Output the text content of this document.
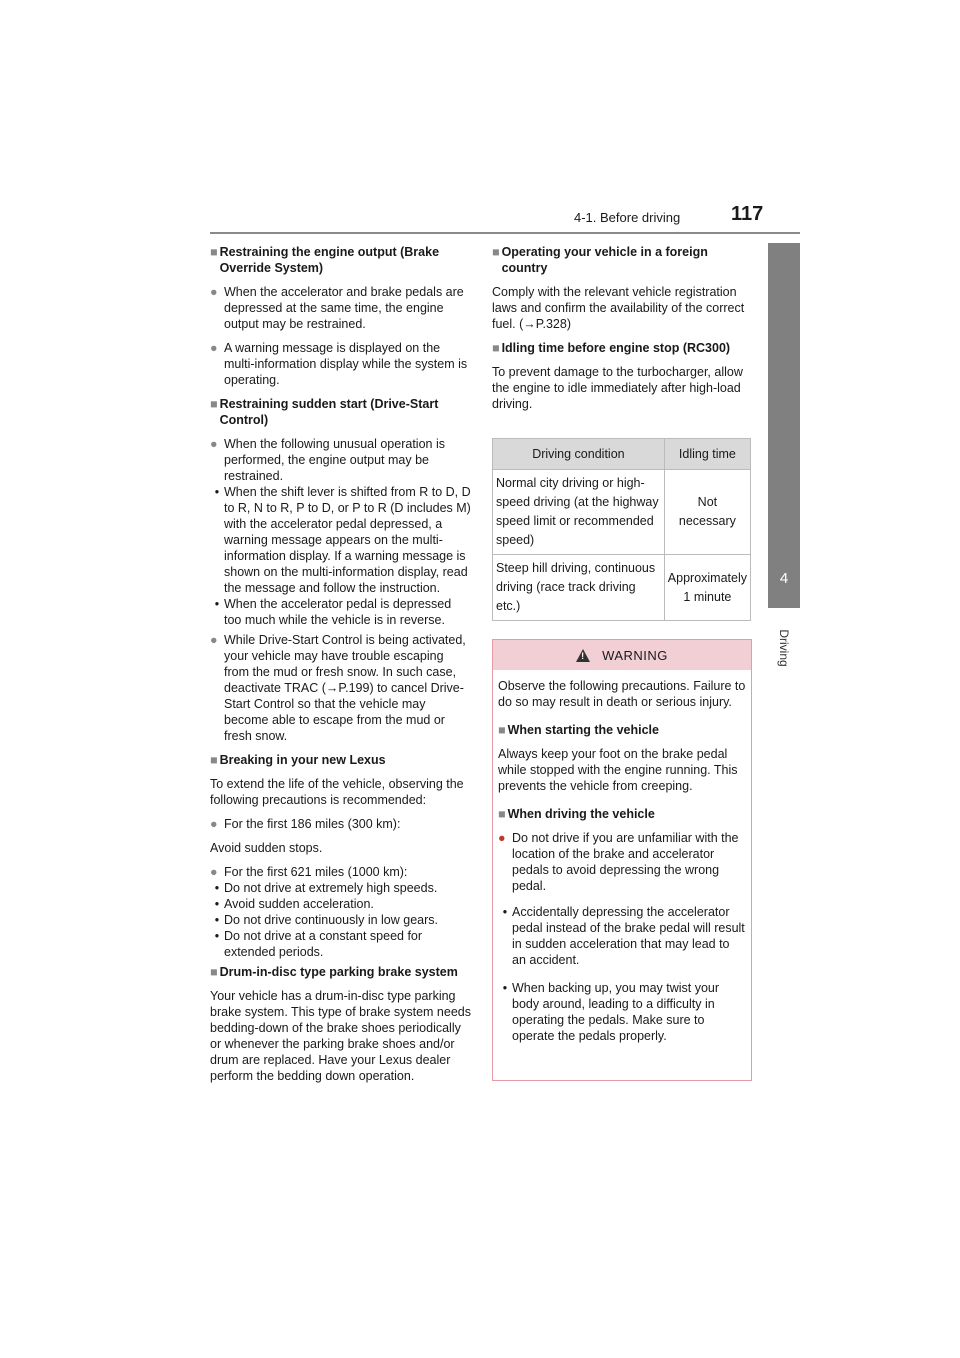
4-1. Before driving	117
4
Driving
■ Restraining the engine output (Brake Override System)
● When the accelerator and brake pedals are depressed at the same time, the engine output may be restrained.
● A warning message is displayed on the multi-information display while the system is operating.
■ Restraining sudden start (Drive-Start Control)
● When the following unusual operation is performed, the engine output may be restrained.
• When the shift lever is shifted from R to D, D to R, N to R, P to D, or P to R (D includes M) with the accelerator pedal depressed, a warning message appears on the multi-information display. If a warning message is shown on the multi-information display, read the message and follow the instruction.
• When the accelerator pedal is depressed too much while the vehicle is in reverse.
● While Drive-Start Control is being activated, your vehicle may have trouble escaping from the mud or fresh snow. In such case, deactivate TRAC (→P.199) to cancel Drive-Start Control so that the vehicle may become able to escape from the mud or fresh snow.
■ Breaking in your new Lexus
To extend the life of the vehicle, observing the following precautions is recommended:
● For the first 186 miles (300 km):
Avoid sudden stops.
● For the first 621 miles (1000 km):
• Do not drive at extremely high speeds.
• Avoid sudden acceleration.
• Do not drive continuously in low gears.
• Do not drive at a constant speed for extended periods.
■ Drum-in-disc type parking brake system
Your vehicle has a drum-in-disc type parking brake system. This type of brake system needs bedding-down of the brake shoes periodically or whenever the parking brake shoes and/or drum are replaced. Have your Lexus dealer perform the bedding down operation.
■ Operating your vehicle in a foreign country
Comply with the relevant vehicle registration laws and confirm the availability of the correct fuel. (→P.328)
■ Idling time before engine stop (RC300)
To prevent damage to the turbocharger, allow the engine to idle immediately after high-load driving.
Driving condition	Idling time
Normal city driving or high-speed driving (at the highway speed limit or recommended speed)	Not necessary
Steep hill driving, continuous driving (race track driving etc.)	Approximately 1 minute
!
WARNING
Observe the following precautions. Failure to do so may result in death or serious injury.
■ When starting the vehicle
Always keep your foot on the brake pedal while stopped with the engine running. This prevents the vehicle from creeping.
■ When driving the vehicle
● Do not drive if you are unfamiliar with the location of the brake and accelerator pedals to avoid depressing the wrong pedal.
• Accidentally depressing the accelerator pedal instead of the brake pedal will result in sudden acceleration that may lead to an accident.
• When backing up, you may twist your body around, leading to a difficulty in operating the pedals. Make sure to operate the pedals properly.
